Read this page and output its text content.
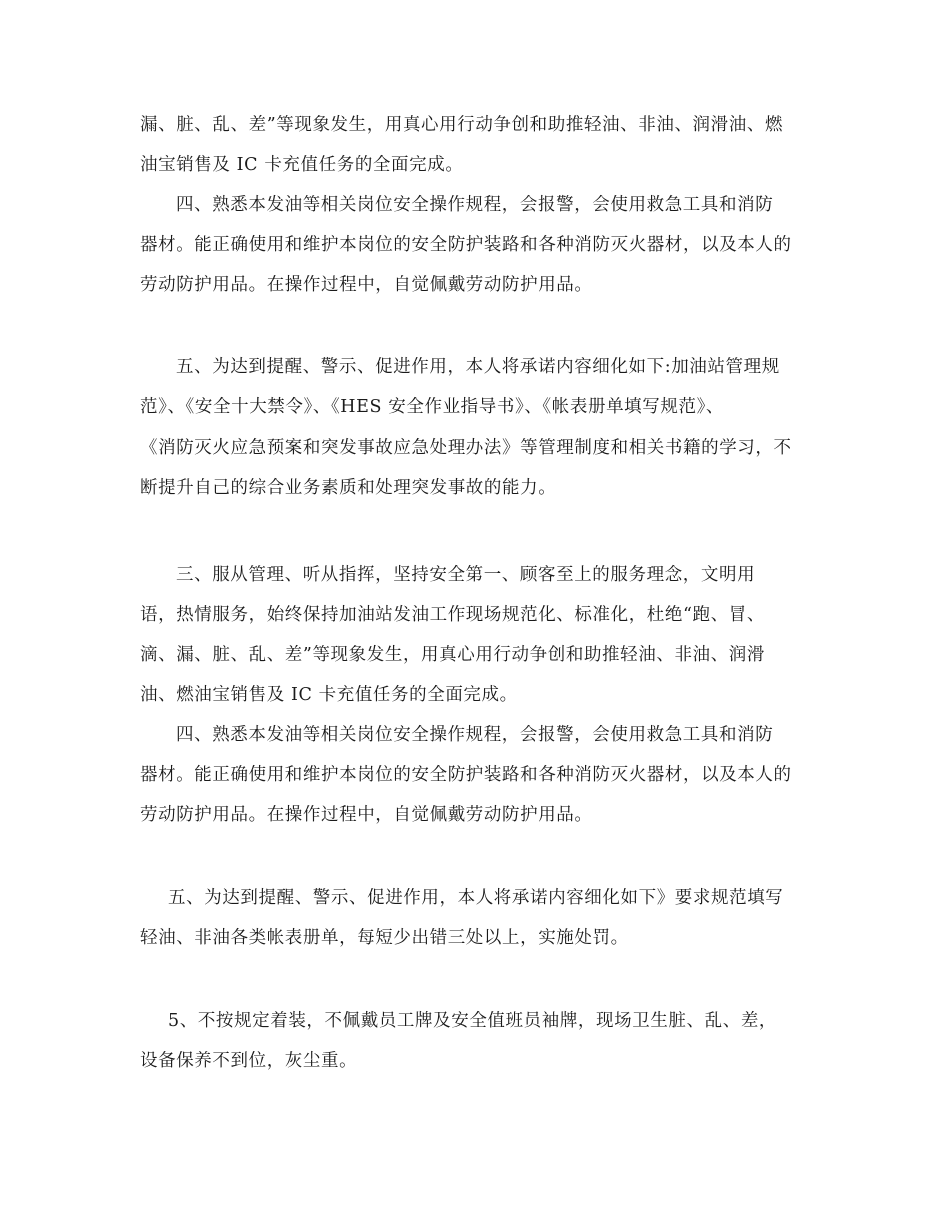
漏、脏、乱、差”等现象发生，用真心用行动争创和助推轻油、非油、润滑油、燃
油宝销售及 IC 卡充值任务的全面完成。
四、熟悉本发油等相关岗位安全操作规程，会报警，会使用救急工具和消防
器材。能正确使用和维护本岗位的安全防护装路和各种消防灭火器材，以及本人的
劳动防护用品。在操作过程中，自觉佩戴劳动防护用品。
五、为达到提醒、警示、促进作用，本人将承诺内容细化如下:加油站管理规
范》、《安全十大禁令》、《HES 安全作业指导书》、《帐表册单填写规范》、
《消防灭火应急预案和突发事故应急处理办法》等管理制度和相关书籍的学习，不
断提升自己的综合业务素质和处理突发事故的能力。
三、服从管理、听从指挥，坚持安全第一、顾客至上的服务理念，文明用
语，热情服务，始终保持加油站发油工作现场规范化、标准化，杜绝“跑、冒、
滴、漏、脏、乱、差”等现象发生，用真心用行动争创和助推轻油、非油、润滑
油、燃油宝销售及 IC 卡充值任务的全面完成。
四、熟悉本发油等相关岗位安全操作规程，会报警，会使用救急工具和消防
器材。能正确使用和维护本岗位的安全防护装路和各种消防灭火器材，以及本人的
劳动防护用品。在操作过程中，自觉佩戴劳动防护用品。
五、为达到提醒、警示、促进作用，本人将承诺内容细化如下》要求规范填写
轻油、非油各类帐表册单，每短少出错三处以上，实施处罚。
5、不按规定着装，不佩戴员工牌及安全值班员袖牌，现场卫生脏、乱、差，
设备保养不到位，灰尘重。
